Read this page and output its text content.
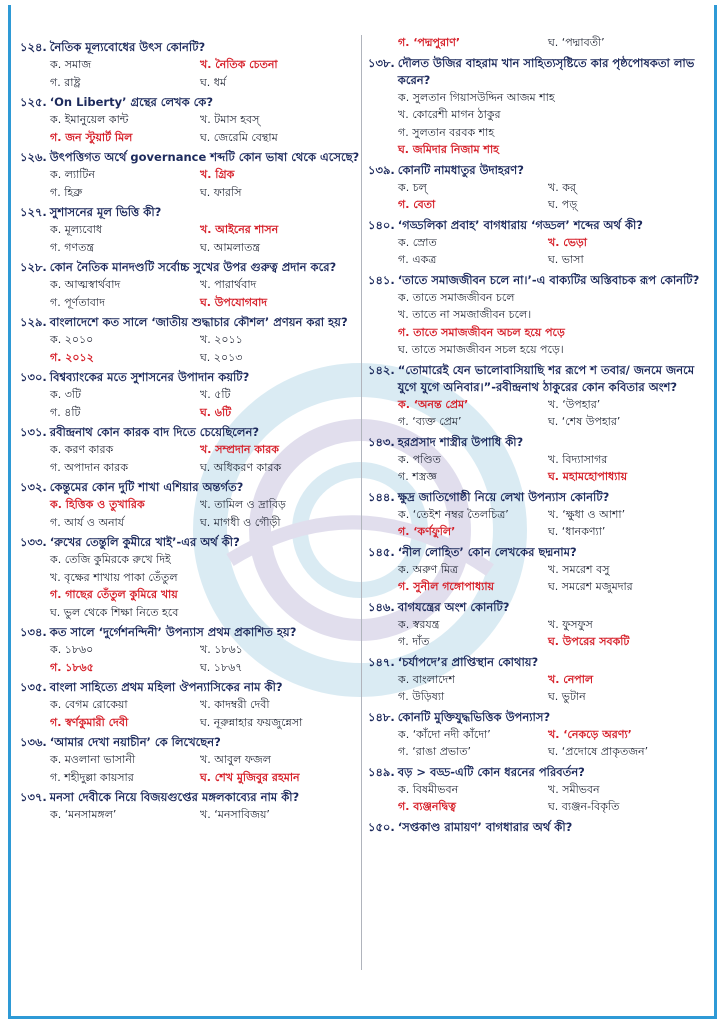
১২৪. নৈতিক মূল্যবোধের উৎস কোনটি?
ক. সমাজ	খ. নৈতিক চেতনা
গ. রাষ্ট্র	ঘ. ধর্ম
১২৫. ‘On Liberty’ গ্রন্থের লেখক কে?
ক. ইমানুয়েল কান্ট	খ. টমাস হবস্
গ. জন স্টুয়ার্ট মিল	ঘ. জেরেমি বেন্থাম
১২৬. উৎপত্তিগত অর্থে governance শব্দটি কোন ভাষা থেকে এসেছে?
ক. ল্যাটিন	খ. গ্রিক
গ. হিব্রু	ঘ. ফারসি
১২৭. সুশাসনের মূল ভিত্তি কী?
ক. মূল্যবোধ	খ. আইনের শাসন
গ. গণতন্ত্র	ঘ. আমলাতন্ত্র
১২৮. কোন নৈতিক মানদণ্ডটি সর্বোচ্চ সুখের উপর গুরুত্ব প্রদান করে?
ক. আত্মস্বার্থবাদ	খ. পারার্থবাদ
গ. পূর্ণতাবাদ	ঘ. উপযোগবাদ
১২৯. বাংলাদেশে কত সালে ‘জাতীয় শুদ্ধাচার কৌশল’ প্রণয়ন করা হয়?
ক. ২০১০	খ. ২০১১
গ. ২০১২	ঘ. ২০১৩
১৩০. বিশ্বব্যাংকের মতে সুশাসনের উপাদান কয়টি?
ক. ৩টি	খ. ৫টি
গ. ৪টি	ঘ. ৬টি
১৩১. রবীন্দ্রনাথ কোন কারক বাদ দিতে চেয়েছিলেন?
ক. করণ কারক	খ. সম্প্রদান কারক
গ. অপাদান কারক	ঘ. অধিকরণ কারক
১৩২. কেন্তুমের কোন দুটি শাখা এশিয়ার অন্তর্গত?
ক. হিত্তিক ও তুখারিক	খ. তামিল ও দ্রাবিড়
গ. আর্য ও অনার্য	ঘ. মাগধী ও গৌড়ী
১৩৩. ‘রুখের তেন্তুলি কুমীরে খাই’-এর অর্থ কী?
ক. তেজি কুমিরকে রুখে দিই
খ. বৃক্ষের শাখায় পাকা তেঁতুল
গ. গাছের তেঁতুল কুমিরে খায়
ঘ. ভুল থেকে শিক্ষা নিতে হবে
১৩৪. কত সালে ‘দুর্গেশনন্দিনী’ উপন্যাস প্রথম প্রকাশিত হয়?
ক. ১৮৬০	খ. ১৮৬১
গ. ১৮৬৫	ঘ. ১৮৬৭
১৩৫. বাংলা সাহিত্যে প্রথম মহিলা ঔপন্যাসিকের নাম কী?
ক. বেগম রোকেয়া	খ. কাদম্বরী দেবী
গ. স্বর্ণকুমারী দেবী	ঘ. নূরুন্নাহার ফয়জুন্নেসা
১৩৬. ‘আমার দেখা নয়াচীন’ কে লিখেছেন?
ক. মওলানা ভাসানী	খ. আবুল ফজল
গ. শহীদুল্লা কায়সার	ঘ. শেখ মুজিবুর রহমান
১৩৭. মনসা দেবীকে নিয়ে বিজয়গুপ্তের মঙ্গলকাব্যের নাম কী?
ক. ‘মনসামঙ্গল’	খ. ‘মনসাবিজয়’
গ. ‘পদ্মপুরাণ’	ঘ. ‘পদ্মাবতী’
১৩৮. দৌলত উজির বাহরাম খান সাহিত্যসৃষ্টিতে কার পৃষ্ঠপোষকতা লাভ করেন?
ক. সুলতান গিয়াসউদ্দিন আজম শাহ
খ. কোরেশী মাগন ঠাকুর
গ. সুলতান বরবক শাহ
ঘ. জমিদার নিজাম শাহ
১৩৯. কোনটি নামধাতুর উদাহরণ?
ক. চল্	খ. কর্
গ. বেতা	ঘ. পড়্
১৪০. ‘গড্ডলিকা প্রবাহ’ বাগধারায় ‘গড্ডল’ শব্দের অর্থ কী?
ক. স্রোত	খ. ভেড়া
গ. একত্র	ঘ. ভাসা
১৪১. ‘তাতে সমাজজীবন চলে না।’-এ বাক্যটির অস্তিবাচক রূপ কোনটি?
ক. তাতে সমাজজীবন চলে
খ. তাতে না সমজাজীবন চলে।
গ. তাতে সমাজজীবন অচল হয়ে পড়ে
ঘ. তাতে সমাজজীবন সচল হয়ে পড়ে।
১৪২. “তোমারেই যেন ভালোবাসিয়াছি শর রূপে শ তবার/ জনমে জনমে যুগে যুগে অনিবার।”-রবীন্দ্রনাথ ঠাকুরের কোন কবিতার অংশ?
ক. ‘অনন্ত প্রেম’	খ. ‘উপহার’
গ. ‘ব্যক্ত প্রেম’	ঘ. ‘শেষ উপহার’
১৪৩. হরপ্রসাদ শাস্ত্রীর উপাধি কী?
ক. পণ্ডিত	খ. বিদ্যাসাগর
গ. শস্ত্রজ্ঞ	ঘ. মহামহোপাধ্যায়
১৪৪. ক্ষুদ্র জাতিগোষ্ঠী নিয়ে লেখা উপন্যাস কোনটি?
ক. ‘তেইশ নম্বর তৈলচিত্র’	খ. ‘ক্ষুধা ও আশা’
গ. ‘কর্ণফুলি’	ঘ. ‘ধানকণ্যা’
১৪৫. ‘নীল লোহিত’ কোন লেখকের ছদ্মনাম?
ক. অরুণ মিত্র	খ. সমরেশ বসু
গ. সুনীল গঙ্গোপাধ্যায়	ঘ. সমরেশ মজুমদার
১৪৬. বাগযন্ত্রের অংশ কোনটি?
ক. স্বরযন্ত্র	খ. ফুসফুস
গ. দাঁত	ঘ. উপরের সবকটি
১৪৭. ‘চর্যাপদে’র প্রাপ্তিস্থান কোথায়?
ক. বাংলাদেশ	খ. নেপাল
গ. উড়িষ্যা	ঘ. ভুটান
১৪৮. কোনটি মুক্তিযুদ্ধভিত্তিক উপন্যাস?
ক. ‘কাঁদো নদী কাঁদো’	খ. ‘নেকড়ে অরণ্য’
গ. ‘রাঙা প্রভাত’	ঘ. ‘প্রদোষে প্রাকৃতজন’
১৪৯. বড় > বড্ড-এটি কোন ধরনের পরিবর্তন?
ক. বিষমীভবন	খ. সমীভবন
গ. ব্যঞ্জনদ্বিত্ব	ঘ. ব্যঞ্জন-বিকৃতি
১৫০. ‘সপ্তকাণ্ড রামায়ণ’ বাগধারার অর্থ কী?
